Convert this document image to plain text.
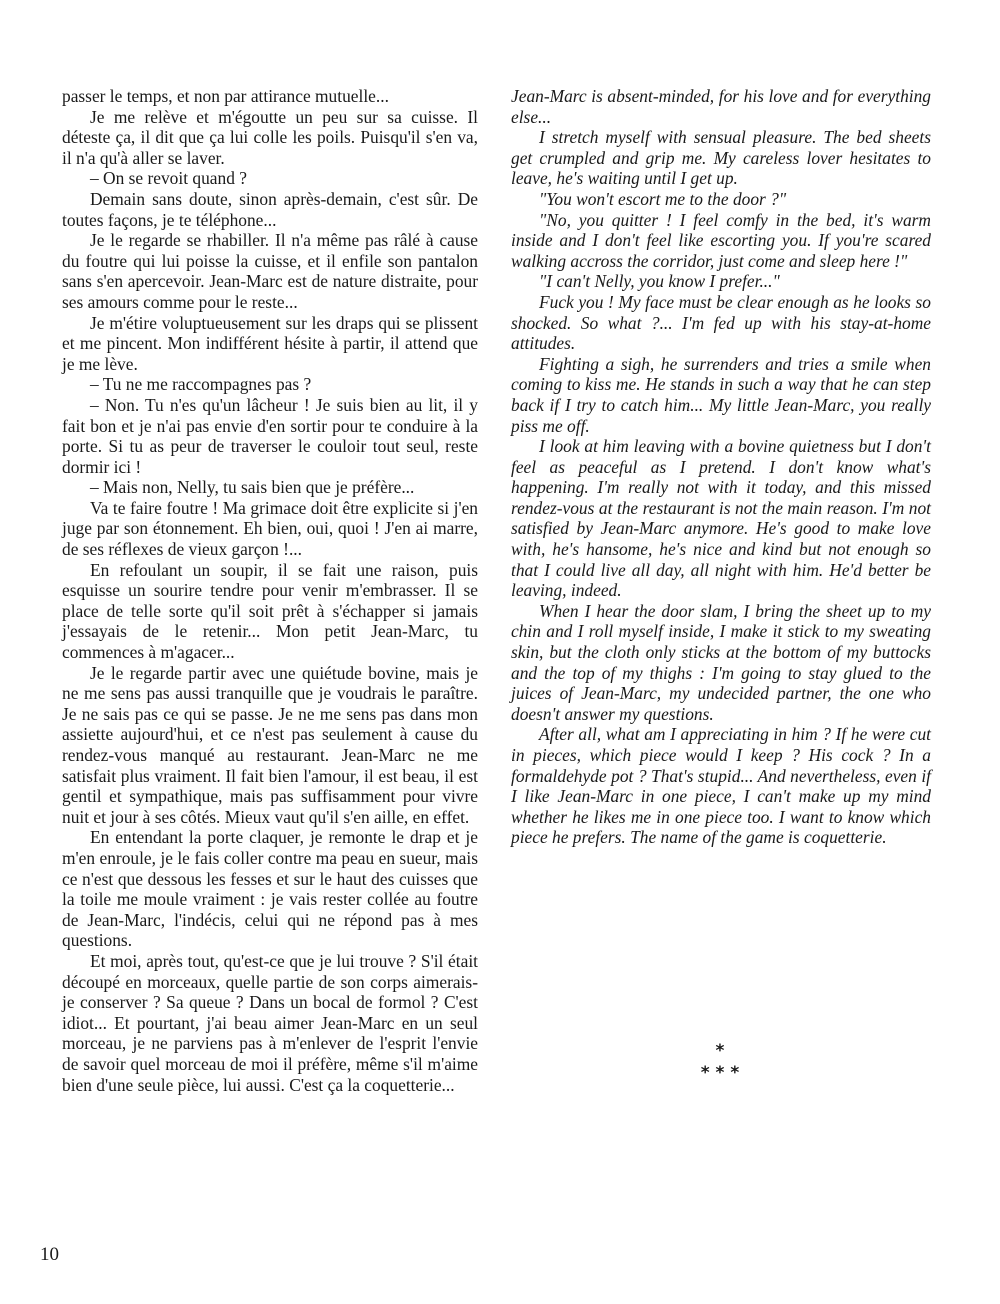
passer le temps, et non par attirance mutuelle...

Je me relève et m'égoutte un peu sur sa cuisse. Il déteste ça, il dit que ça lui colle les poils. Puisqu'il s'en va, il n'a qu'à aller se laver.

– On se revoit quand ?

Demain sans doute, sinon après-demain, c'est sûr. De toutes façons, je te téléphone...

Je le regarde se rhabiller. Il n'a même pas râlé à cause du foutre qui lui poisse la cuisse, et il enfile son pantalon sans s'en apercevoir. Jean-Marc est de nature distraite, pour ses amours comme pour le reste...

Je m'étire voluptueusement sur les draps qui se plissent et me pincent. Mon indifférent hésite à partir, il attend que je me lève.

– Tu ne me raccompagnes pas ?

– Non. Tu n'es qu'un lâcheur ! Je suis bien au lit, il y fait bon et je n'ai pas envie d'en sortir pour te conduire à la porte. Si tu as peur de traverser le couloir tout seul, reste dormir ici !

– Mais non, Nelly, tu sais bien que je préfère...

Va te faire foutre ! Ma grimace doit être explicite si j'en juge par son étonnement. Eh bien, oui, quoi ! J'en ai marre, de ses réflexes de vieux garçon !...

En refoulant un soupir, il se fait une raison, puis esquisse un sourire tendre pour venir m'embrasser. Il se place de telle sorte qu'il soit prêt à s'échapper si jamais j'essayais de le retenir... Mon petit Jean-Marc, tu commences à m'agacer...

Je le regarde partir avec une quiétude bovine, mais je ne me sens pas aussi tranquille que je voudrais le paraître. Je ne sais pas ce qui se passe. Je ne me sens pas dans mon assiette aujourd'hui, et ce n'est pas seulement à cause du rendez-vous manqué au restaurant. Jean-Marc ne me satisfait plus vraiment. Il fait bien l'amour, il est beau, il est gentil et sympathique, mais pas suffisamment pour vivre nuit et jour à ses côtés. Mieux vaut qu'il s'en aille, en effet.

En entendant la porte claquer, je remonte le drap et je m'en enroule, je le fais coller contre ma peau en sueur, mais ce n'est que dessous les fesses et sur le haut des cuisses que la toile me moule vraiment : je vais rester collée au foutre de Jean-Marc, l'indécis, celui qui ne répond pas à mes questions.

Et moi, après tout, qu'est-ce que je lui trouve ? S'il était découpé en morceaux, quelle partie de son corps aimerais-je conserver ? Sa queue ? Dans un bocal de formol ? C'est idiot... Et pourtant, j'ai beau aimer Jean-Marc en un seul morceau, je ne parviens pas à m'enlever de l'esprit l'envie de savoir quel morceau de moi il préfère, même s'il m'aime bien d'une seule pièce, lui aussi. C'est ça la coquetterie...

Jean-Marc is absent-minded, for his love and for everything else...

I stretch myself with sensual pleasure. The bed sheets get crumpled and grip me. My careless lover hesitates to leave, he's waiting until I get up.

"You won't escort me to the door ?"

"No, you quitter ! I feel comfy in the bed, it's warm inside and I don't feel like escorting you. If you're scared walking accross the corridor, just come and sleep here !"

"I can't Nelly, you know I prefer..."

Fuck you ! My face must be clear enough as he looks so shocked. So what ?... I'm fed up with his stay-at-home attitudes.

Fighting a sigh, he surrenders and tries a smile when coming to kiss me. He stands in such a way that he can step back if I try to catch him... My little Jean-Marc, you really piss me off.

I look at him leaving with a bovine quietness but I don't feel as peaceful as I pretend. I don't know what's happening. I'm really not with it today, and this missed rendez-vous at the restaurant is not the main reason. I'm not satisfied by Jean-Marc anymore. He's good to make love with, he's hansome, he's nice and kind but not enough so that I could live all day, all night with him. He'd better be leaving, indeed.

When I hear the door slam, I bring the sheet up to my chin and I roll myself inside, I make it stick to my sweating skin, but the cloth only sticks at the bottom of my buttocks and the top of my thighs : I'm going to stay glued to the juices of Jean-Marc, my undecided partner, the one who doesn't answer my questions.

After all, what am I appreciating in him ? If he were cut in pieces, which piece would I keep ? His cock ? In a formaldehyde pot ? That's stupid... And nevertheless, even if I like Jean-Marc in one piece, I can't make up my mind whether he likes me in one piece too. I want to know which piece he prefers. The name of the game is coquetterie.

*
* * *
10
